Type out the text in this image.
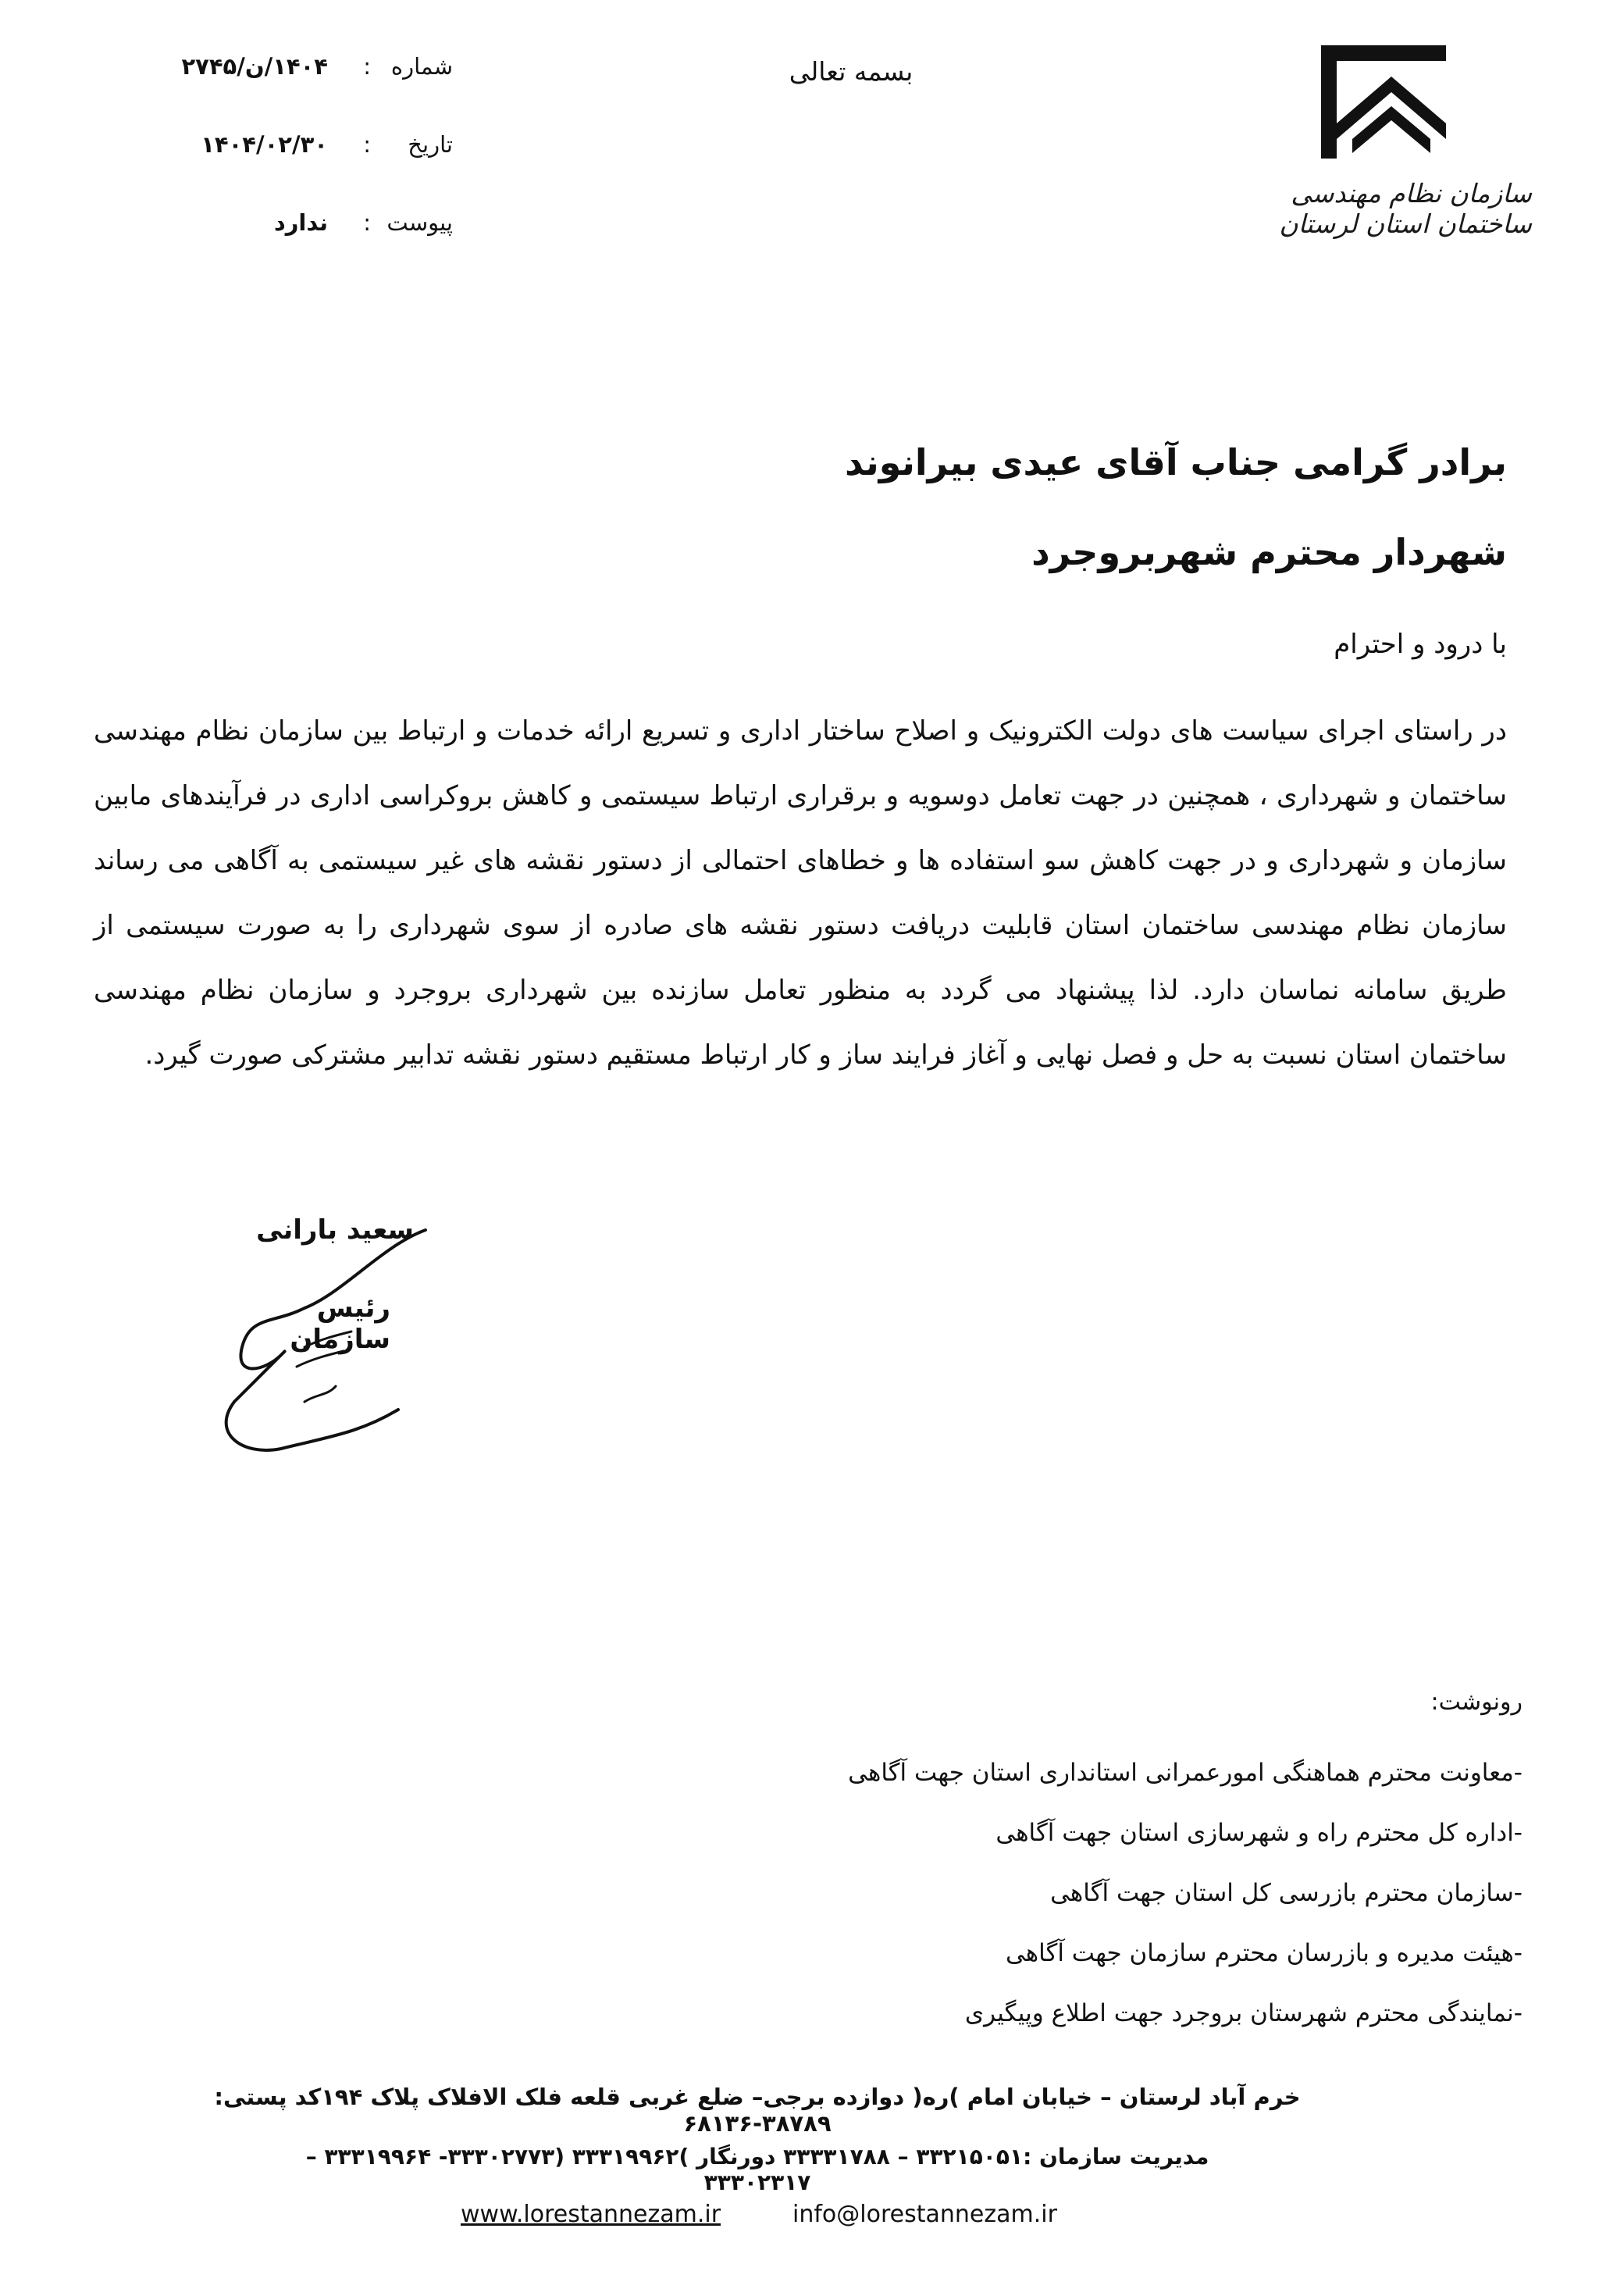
سازمان نظام مهندسی ساختمان استان لرستان
بسمه تعالی
شماره
:
۱۴۰۴/ن/۲۷۴۵
تاریخ
:
۱۴۰۴/۰۲/۳۰
پیوست
:
ندارد
برادر گرامی جناب آقای عیدی بیرانوند
شهردار محترم شهربروجرد
با درود و احترام
در راستای اجرای سیاست های دولت الکترونیک و اصلاح ساختار اداری و تسریع ارائه خدمات و ارتباط بین سازمان نظام مهندسی ساختمان و شهرداری ، همچنین در جهت تعامل دوسویه و برقراری ارتباط سیستمی و کاهش بروکراسی اداری در فرآیندهای مابین سازمان و شهرداری و در جهت کاهش سو استفاده ها و خطاهای احتمالی از دستور نقشه های غیر سیستمی به آگاهی می رساند سازمان نظام مهندسی ساختمان استان قابلیت دریافت دستور نقشه های صادره از سوی شهرداری را به صورت سیستمی از طریق سامانه نماسان دارد. لذا پیشنهاد می گردد به منظور تعامل سازنده بین شهرداری بروجرد و سازمان نظام مهندسی ساختمان استان نسبت به حل و فصل نهایی و آغاز فرایند ساز و کار ارتباط مستقیم دستور نقشه تدابیر مشترکی صورت گیرد.
سعید بارانی
رئیس سازمان
رونوشت:
-معاونت محترم هماهنگی امورعمرانی استانداری استان جهت آگاهی
-اداره کل محترم راه و شهرسازی استان جهت آگاهی
-سازمان محترم بازرسی کل استان جهت آگاهی
-هیئت مدیره و بازرسان محترم سازمان جهت آگاهی
-نمایندگی محترم شهرستان بروجرد جهت اطلاع وپیگیری
خرم آباد لرستان – خیابان امام )ره( دوازده برجی– ضلع غربی قلعه فلک الافلاک پلاک ۱۹۴کد پستی: ۳۸۷۸۹-۶۸۱۳۶
مدیریت سازمان :۳۳۲۱۵۰۵۱ – ۳۳۳۳۱۷۸۸ دورنگار )۳۳۳۱۹۹۶۲ (۳۳۳۰۲۷۷۳- ۳۳۳۱۹۹۶۴ – ۳۳۳۰۲۳۱۷
www.lorestannezam.ir	info@lorestannezam.ir
